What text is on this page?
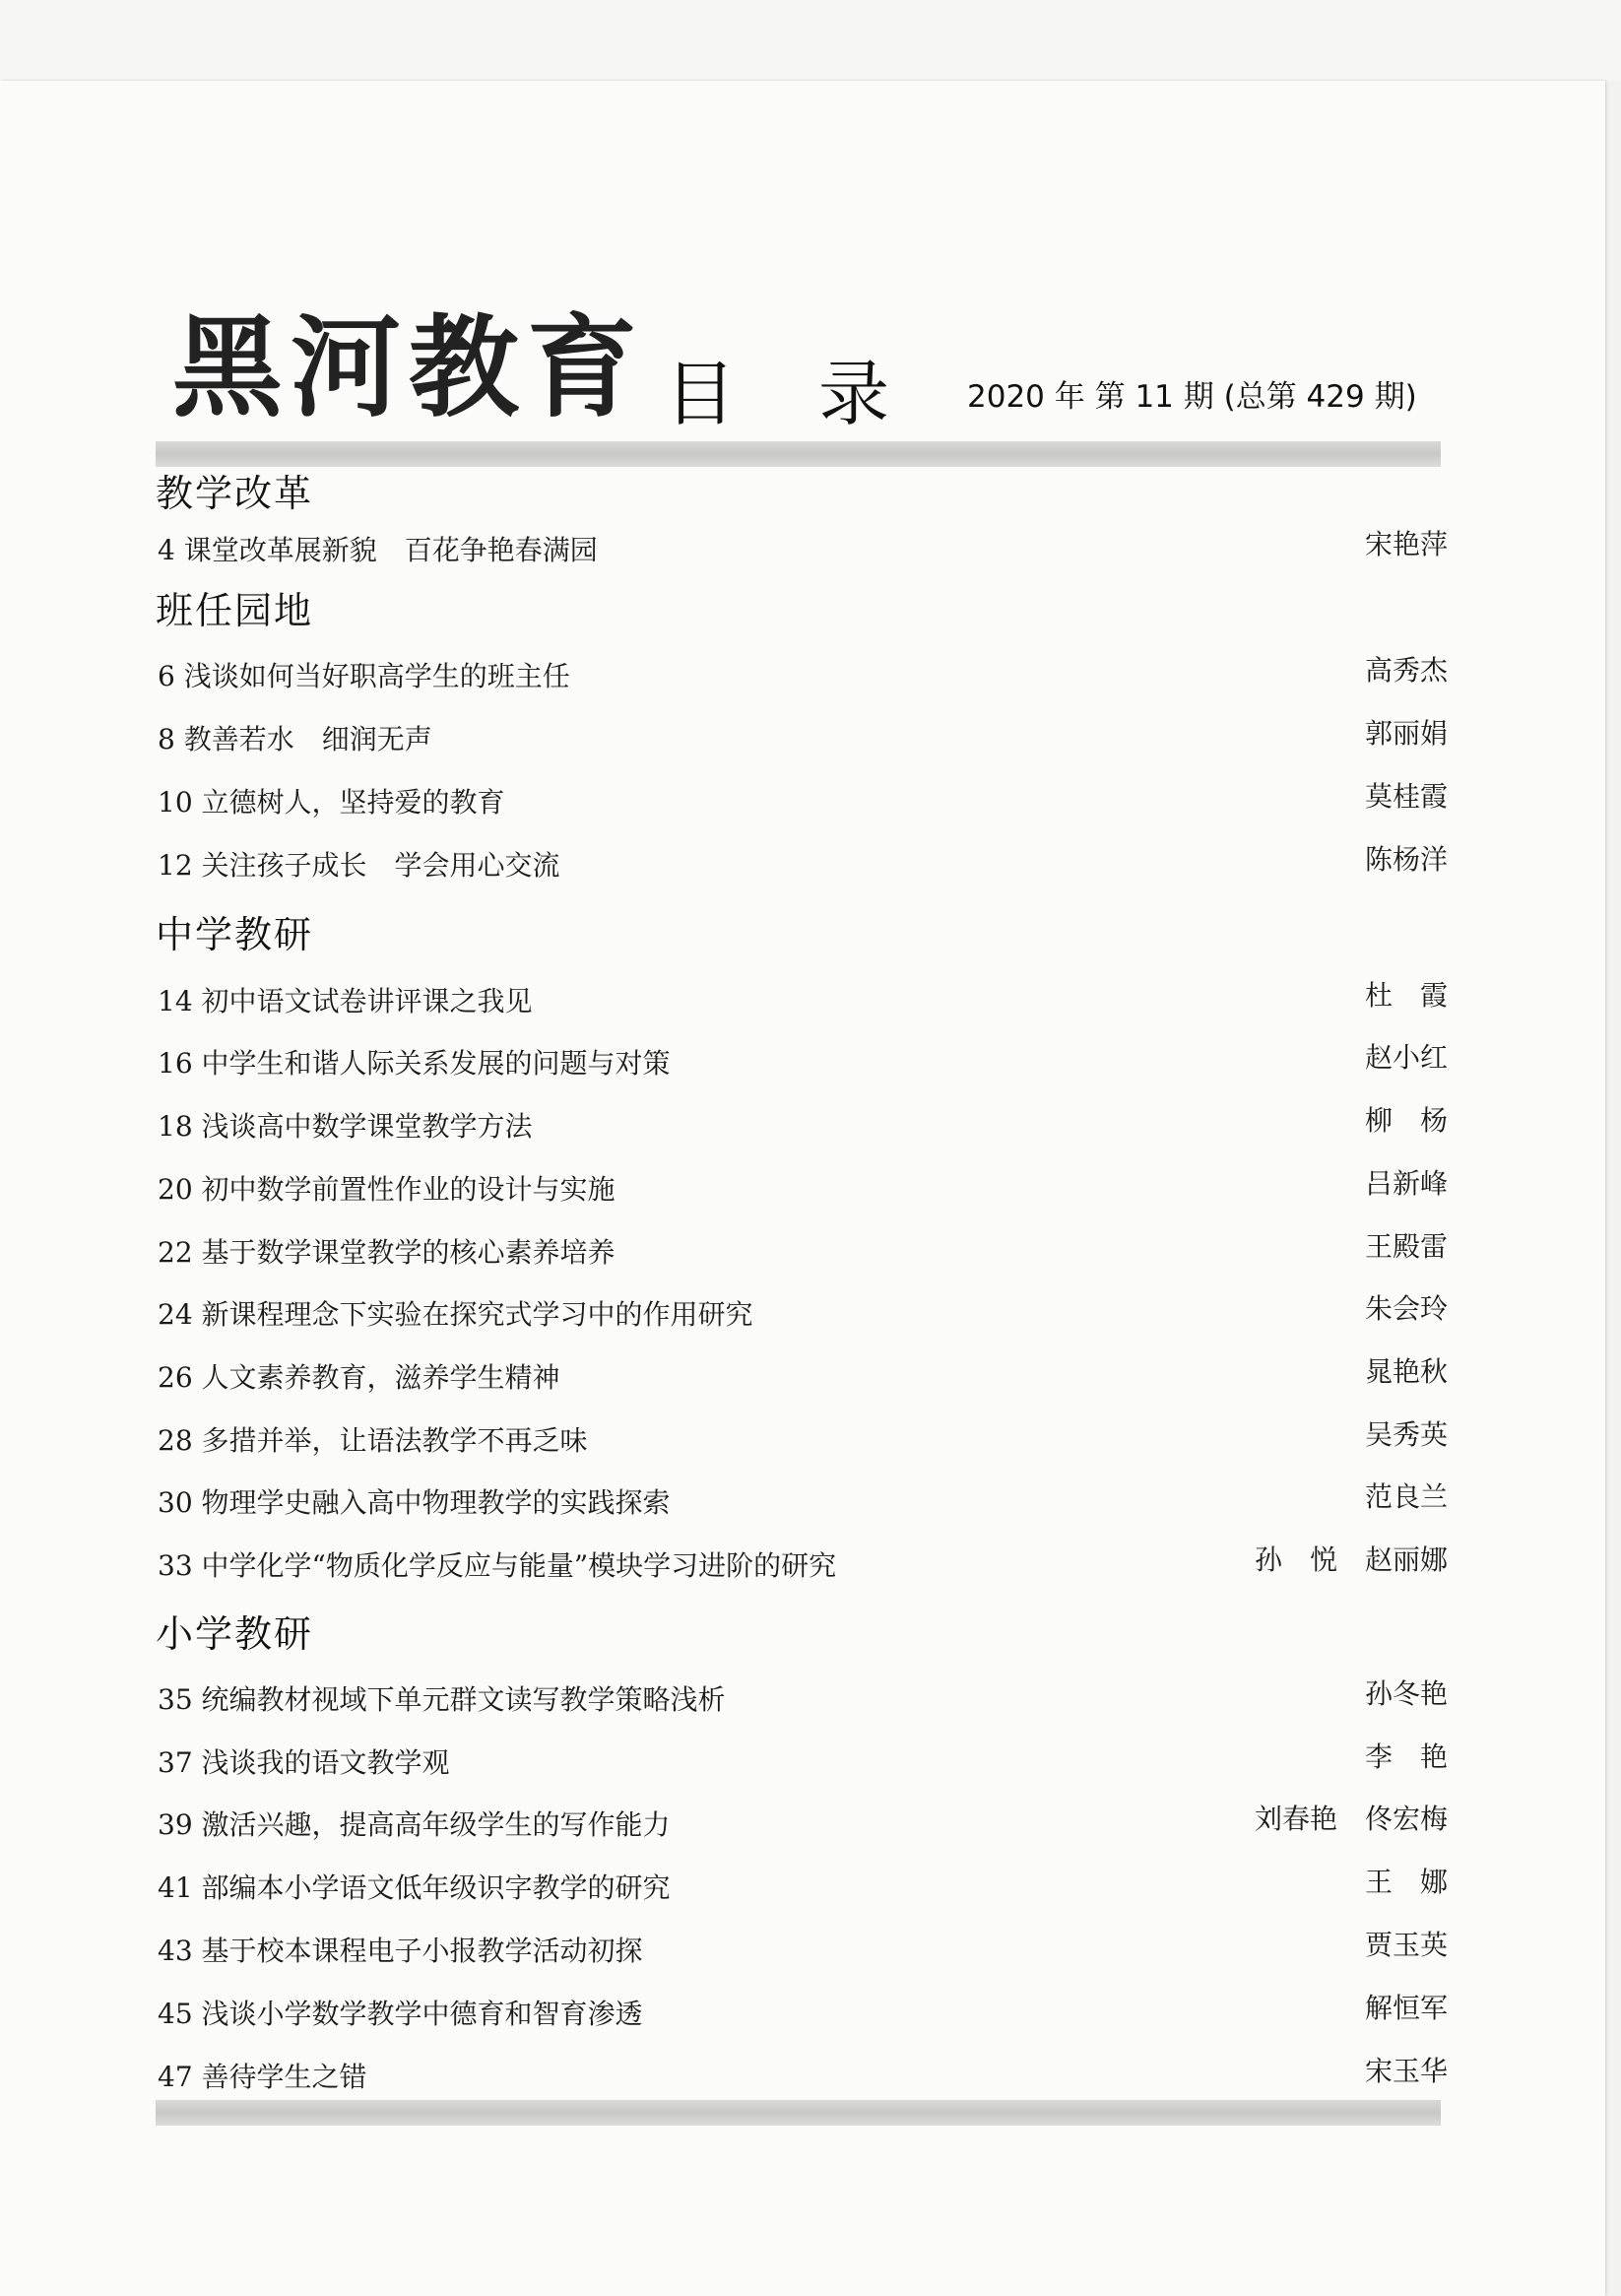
黑河教育 目录
2020 年 第 11 期 (总第 429 期)
教学改革
4 课堂改革展新貌　百花争艳春满园	宋艳萍
班任园地
6 浅谈如何当好职高学生的班主任	高秀杰
8 教善若水　细润无声	郭丽娟
10 立德树人，坚持爱的教育	莫桂霞
12 关注孩子成长　学会用心交流	陈杨洋
中学教研
14 初中语文试卷讲评课之我见	杜　霞
16 中学生和谐人际关系发展的问题与对策	赵小红
18 浅谈高中数学课堂教学方法	柳　杨
20 初中数学前置性作业的设计与实施	吕新峰
22 基于数学课堂教学的核心素养培养	王殿雷
24 新课程理念下实验在探究式学习中的作用研究	朱会玲
26 人文素养教育，滋养学生精神	晁艳秋
28 多措并举，让语法教学不再乏味	吴秀英
30 物理学史融入高中物理教学的实践探索	范良兰
33 中学化学“物质化学反应与能量”模块学习进阶的研究	孙　悦 赵丽娜
小学教研
35 统编教材视域下单元群文读写教学策略浅析	孙冬艳
37 浅谈我的语文教学观	李　艳
39 激活兴趣，提高高年级学生的写作能力	刘春艳 佟宏梅
41 部编本小学语文低年级识字教学的研究	王　娜
43 基于校本课程电子小报教学活动初探	贾玉英
45 浅谈小学数学教学中德育和智育渗透	解恒军
47 善待学生之错	宋玉华
